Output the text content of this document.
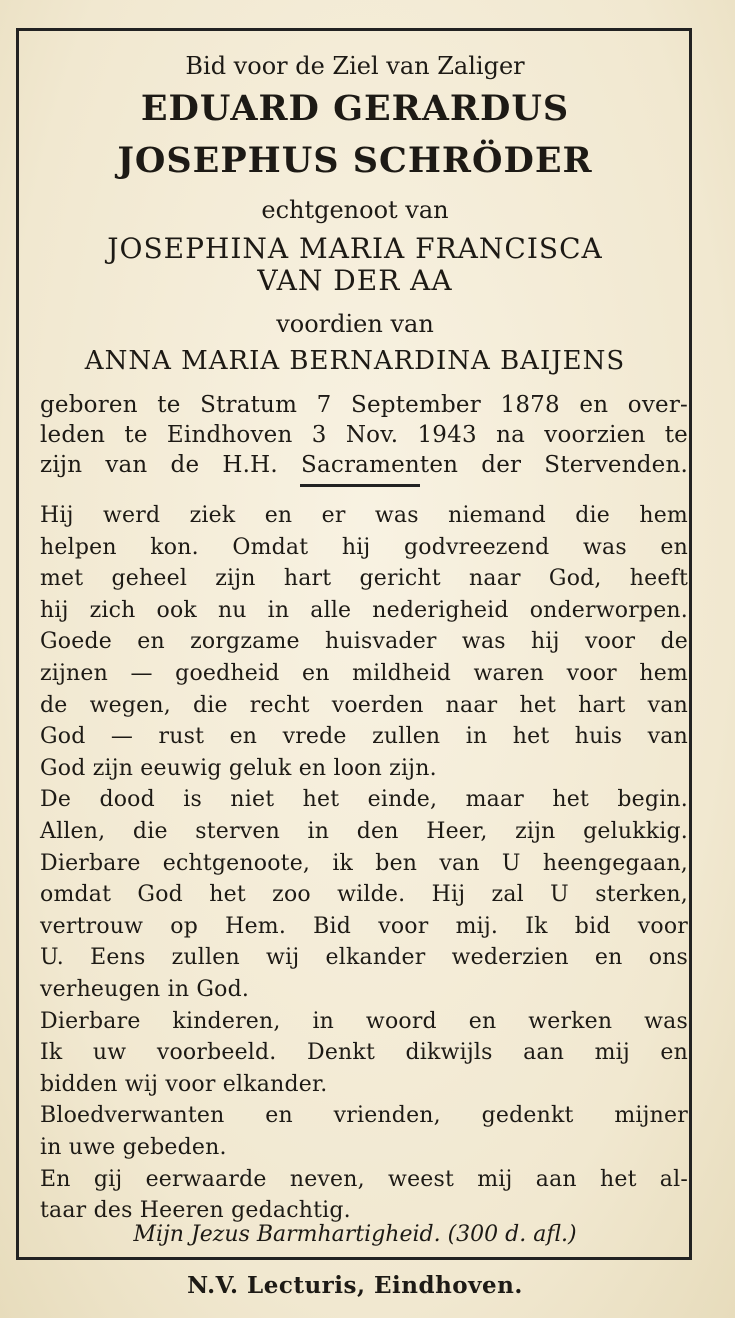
Bid voor de Ziel van Zaliger
EDUARD GERARDUS
JOSEPHUS SCHRÖDER
echtgenoot van
JOSEPHINA MARIA FRANCISCA
VAN DER AA
voordien van
ANNA MARIA BERNARDINA BAIJENS
geboren te Stratum 7 September 1878 en over-
leden te Eindhoven 3 Nov. 1943 na voorzien te
zijn van de H.H. Sacramenten der Stervenden.
Hij werd ziek en er was niemand die hem
helpen kon. Omdat hij godvreezend was en
met geheel zijn hart gericht naar God, heeft
hij zich ook nu in alle nederigheid onderworpen.
Goede en zorgzame huisvader was hij voor de
zijnen — goedheid en mildheid waren voor hem
de wegen, die recht voerden naar het hart van
God — rust en vrede zullen in het huis van
God zijn eeuwig geluk en loon zijn.
De dood is niet het einde, maar het begin.
Allen, die sterven in den Heer, zijn gelukkig.
Dierbare echtgenoote, ik ben van U heengegaan,
omdat God het zoo wilde. Hij zal U sterken,
vertrouw op Hem. Bid voor mij. Ik bid voor
U. Eens zullen wij elkander wederzien en ons
verheugen in God.
Dierbare kinderen, in woord en werken was
Ik uw voorbeeld. Denkt dikwijls aan mij en
bidden wij voor elkander.
Bloedverwanten en vrienden, gedenkt mijner
in uwe gebeden.
En gij eerwaarde neven, weest mij aan het al-
taar des Heeren gedachtig.
Mijn Jezus Barmhartigheid. (300 d. afl.)
N.V. Lecturis, Eindhoven.
